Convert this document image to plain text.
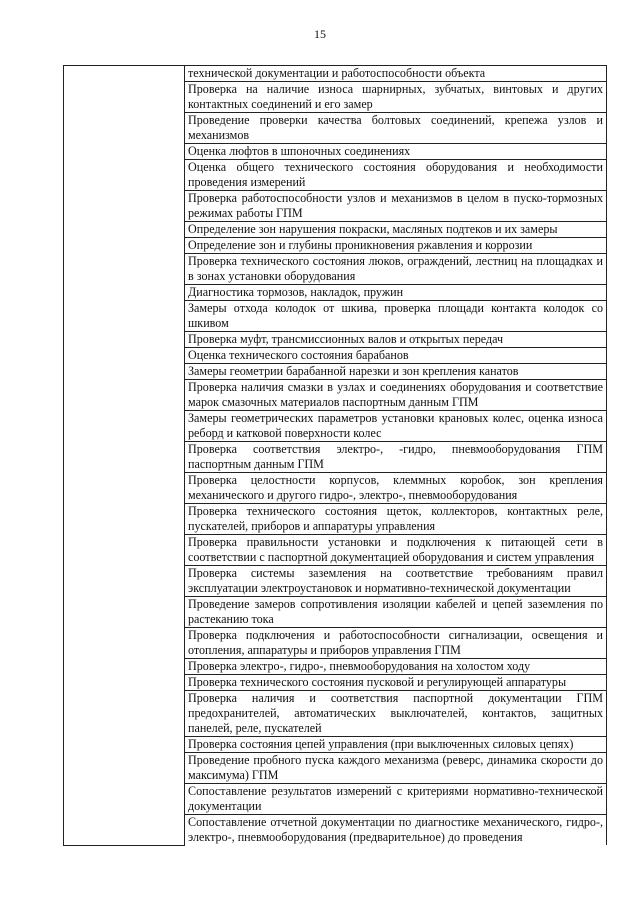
15
	технической документации и работоспособности объекта
Проверка на наличие износа шарнирных, зубчатых, винтовых и других контактных соединений и его замер
Проведение проверки качества болтовых соединений, крепежа узлов и механизмов
Оценка люфтов в шпоночных соединениях
Оценка общего технического состояния оборудования и необходимости проведения измерений
Проверка работоспособности узлов и механизмов в целом в пуско-тормозных режимах работы ГПМ
Определение зон нарушения покраски, масляных подтеков и их замеры
Определение зон и глубины проникновения ржавления и коррозии
Проверка технического состояния люков, ограждений, лестниц на площадках и в зонах установки оборудования
Диагностика тормозов, накладок, пружин
Замеры отхода колодок от шкива, проверка площади контакта колодок со шкивом
Проверка муфт, трансмиссионных валов и открытых передач
Оценка технического состояния барабанов
Замеры геометрии барабанной нарезки и зон крепления канатов
Проверка наличия смазки в узлах и соединениях оборудования и соответствие марок смазочных материалов паспортным данным ГПМ
Замеры геометрических параметров установки крановых колес, оценка износа реборд и катковой поверхности колес
Проверка соответствия электро-, -гидро, пневмооборудования ГПМ паспортным данным ГПМ
Проверка целостности корпусов, клеммных коробок, зон крепления механического и другого гидро-, электро-, пневмооборудования
Проверка технического состояния щеток, коллекторов, контактных реле, пускателей, приборов и аппаратуры управления
Проверка правильности установки и подключения к питающей сети в соответствии с паспортной документацией оборудования и систем управления
Проверка системы заземления на соответствие требованиям правил эксплуатации электроустановок и нормативно-технической документации
Проведение замеров сопротивления изоляции кабелей и цепей заземления по растеканию тока
Проверка подключения и работоспособности сигнализации, освещения и отопления, аппаратуры и приборов управления ГПМ
Проверка электро-, гидро-, пневмооборудования на холостом ходу
Проверка технического состояния пусковой и регулирующей аппаратуры
Проверка наличия и соответствия паспортной документации ГПМ предохранителей, автоматических выключателей, контактов, защитных панелей, реле, пускателей
Проверка состояния цепей управления (при выключенных силовых цепях)
Проведение пробного пуска каждого механизма (реверс, динамика скорости до максимума) ГПМ
Сопоставление результатов измерений с критериями нормативно-технической документации
Сопоставление отчетной документации по диагностике механического, гидро-, электро-, пневмооборудования (предварительное) до проведения
